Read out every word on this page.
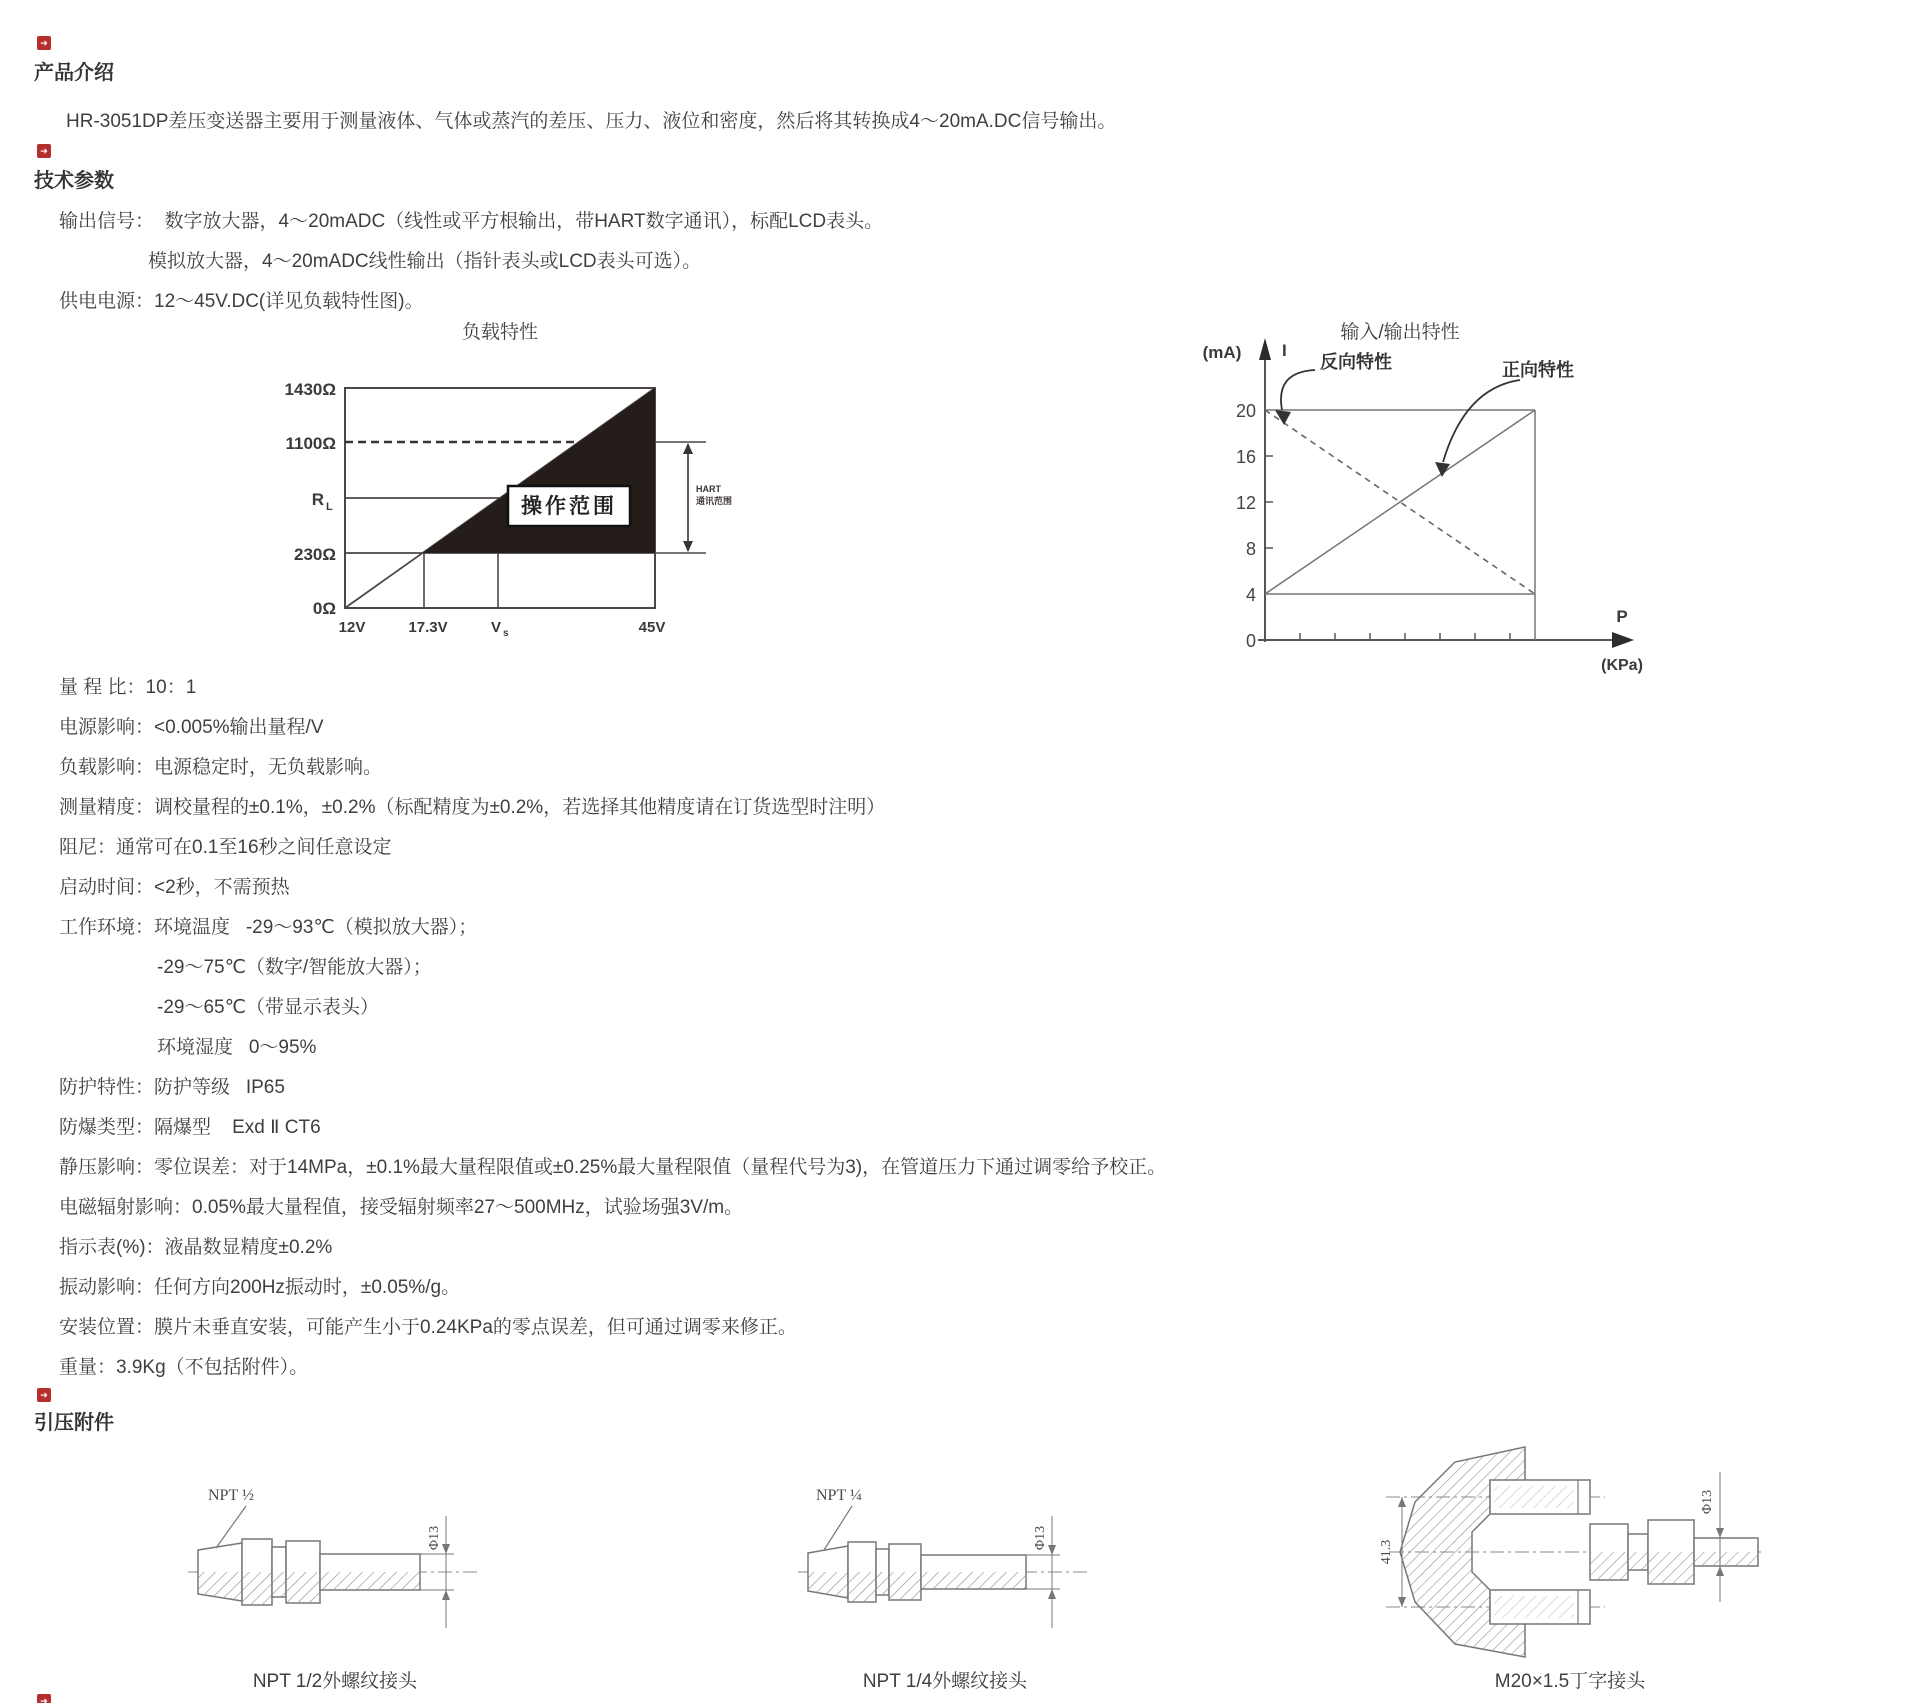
➔
产品介绍
HR-3051DP差压变送器主要用于测量液体、气体或蒸汽的差压、压力、液位和密度，然后将其转换成4～20mA.DC信号输出。
➔
技术参数
输出信号：  数字放大器，4～20mADC（线性或平方根输出，带HART数字通讯），标配LCD表头。
模拟放大器，4～20mADC线性输出（指针表头或LCD表头可选）。
供电电源：12～45V.DC(详见负载特性图)。
负载特性
操作范围
HART
通讯范围
1430Ω
1100Ω
R L
230Ω
0Ω
12V	17.3V	V s	45V
输入/输出特性
20
16
12
8
4
0
(mA) I
P
(KPa)
反向特性	正向特性
量 程 比：10：1
电源影响：<0.005%输出量程/V
负载影响：电源稳定时，无负载影响。
测量精度：调校量程的±0.1%，±0.2%（标配精度为±0.2%，若选择其他精度请在订货选型时注明）
阻尼：通常可在0.1至16秒之间任意设定
启动时间：<2秒，不需预热
工作环境：环境温度   -29～93℃（模拟放大器）；
-29～75℃（数字/智能放大器）；
-29～65℃（带显示表头）
环境湿度   0～95%
防护特性：防护等级   IP65
防爆类型：隔爆型    Exd Ⅱ CT6
静压影响：零位误差：对于14MPa，±0.1%最大量程限值或±0.25%最大量程限值（量程代号为3)，在管道压力下通过调零给予校正。
电磁辐射影响：0.05%最大量程值，接受辐射频率27～500MHz，试验场强3V/m。
指示表(%)：液晶数显精度±0.2%
振动影响：任何方向200Hz振动时，±0.05%/g。
安装位置：膜片未垂直安装，可能产生小于0.24KPa的零点误差，但可通过调零来修正。
重量：3.9Kg（不包括附件）。
➔
引压附件
NPT ½
Φ13
NPT 1/2外螺纹接头
NPT ¼
Φ13
NPT 1/4外螺纹接头
41.3
Φ13
M20×1.5丁字接头
➔
